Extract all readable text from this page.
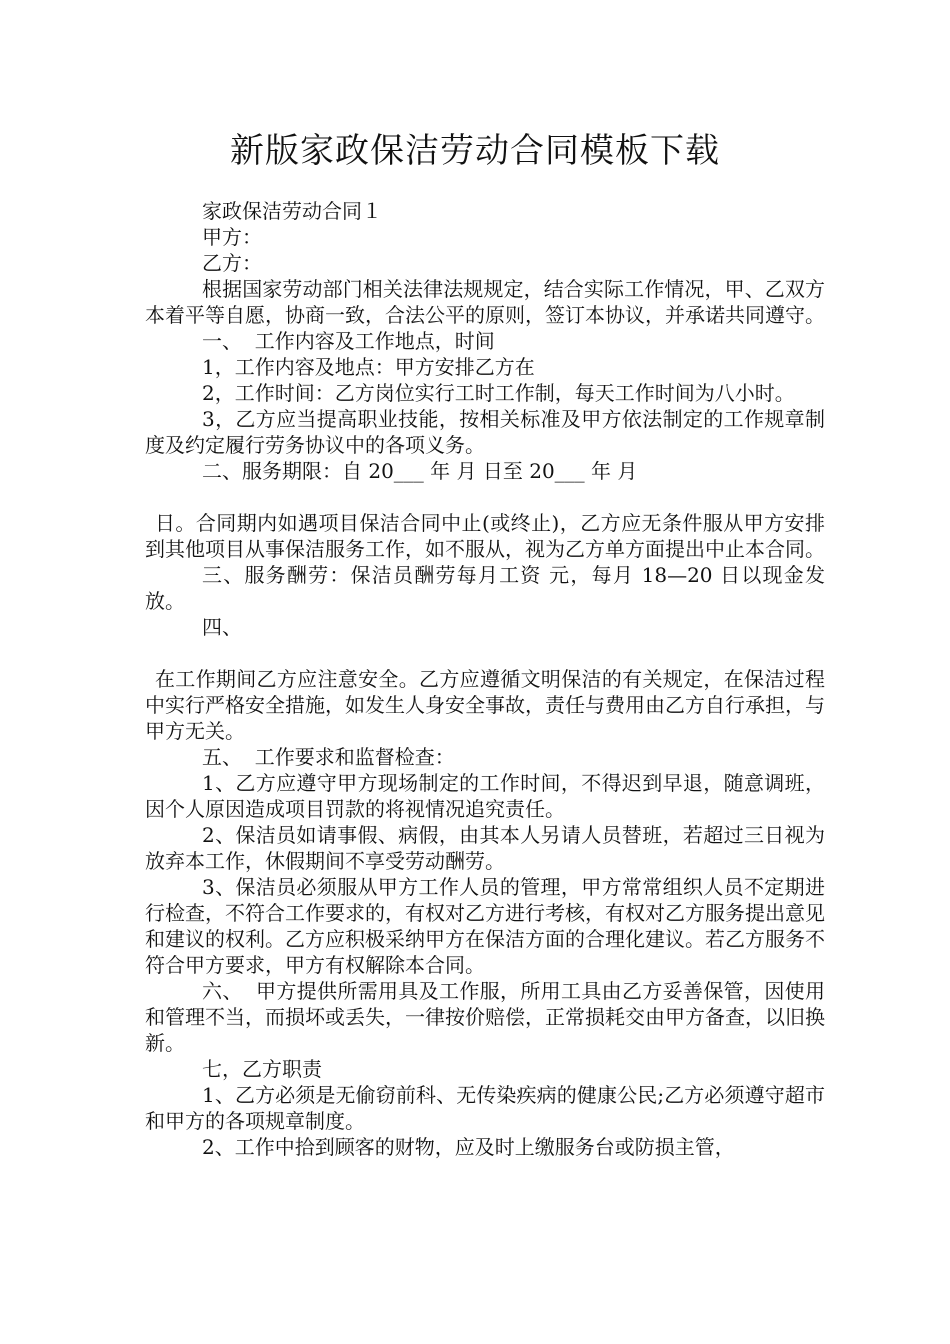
新版家政保洁劳动合同模板下载

家政保洁劳动合同１

甲方：

乙方：

根据国家劳动部门相关法律法规规定，结合实际工作情况，甲、乙双方本着平等自愿，协商一致，合法公平的原则，签订本协议，并承诺共同遵守。

一、  工作内容及工作地点，时间

1，工作内容及地点：甲方安排乙方在

2，工作时间：乙方岗位实行工时工作制，每天工作时间为八小时。

3，乙方应当提高职业技能，按相关标准及甲方依法制定的工作规章制度及约定履行劳务协议中的各项义务。

二、服务期限：自 20___ 年 月 日至 20___ 年 月

日。合同期内如遇项目保洁合同中止(或终止)，乙方应无条件服从甲方安排到其他项目从事保洁服务工作，如不服从，视为乙方单方面提出中止本合同。

三、服务酬劳：保洁员酬劳每月工资 元，每月 18—20 日以现金发放。

四、

在工作期间乙方应注意安全。乙方应遵循文明保洁的有关规定，在保洁过程中实行严格安全措施，如发生人身安全事故，责任与费用由乙方自行承担，与甲方无关。

五、  工作要求和监督检查：

1、乙方应遵守甲方现场制定的工作时间，不得迟到早退，随意调班，因个人原因造成项目罚款的将视情况追究责任。

2、保洁员如请事假、病假，由其本人另请人员替班，若超过三日视为放弃本工作，休假期间不享受劳动酬劳。

3、保洁员必须服从甲方工作人员的管理，甲方常常组织人员不定期进行检查，不符合工作要求的，有权对乙方进行考核，有权对乙方服务提出意见和建议的权利。乙方应积极采纳甲方在保洁方面的合理化建议。若乙方服务不符合甲方要求，甲方有权解除本合同。

六、  甲方提供所需用具及工作服，所用工具由乙方妥善保管，因使用和管理不当，而损坏或丢失，一律按价赔偿，正常损耗交由甲方备查，以旧换新。

七，乙方职责

1、乙方必须是无偷窃前科、无传染疾病的健康公民;乙方必须遵守超市和甲方的各项规章制度。

2、工作中拾到顾客的财物，应及时上缴服务台或防损主管，
